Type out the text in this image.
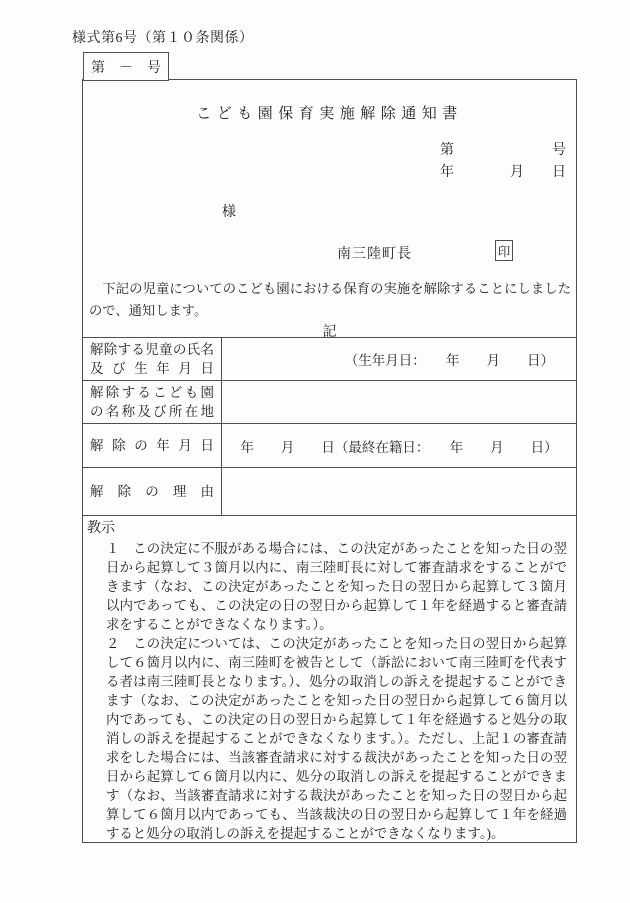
様式第6号（第１０条関係）
第　－　号
こども園保育実施解除通知書
第　　　　　　　号
年　　　　月　　日
様
南三陸町長	印
　下記の児童についてのこども園における保育の実施を解除することにしましたので、通知します。
記
解除する児童の氏名
及び生年月日
（生年月日：　　年　　月　　日）
解除するこども園
の名称及び所在地
解除の年月日 年　　月　　日（最終在籍日：　　年　　月　　日）
解除の理由
教示
１　この決定に不服がある場合には、この決定があったことを知った日の翌日から起算して３箇月以内に、南三陸町長に対して審査請求をすることができます（なお、この決定があったことを知った日の翌日から起算して３箇月以内であっても、この決定の日の翌日から起算して１年を経過すると審査請求をすることができなくなります。）。
２　この決定については、この決定があったことを知った日の翌日から起算して６箇月以内に、南三陸町を被告として（訴訟において南三陸町を代表する者は南三陸町長となります。）、処分の取消しの訴えを提起することができます（なお、この決定があったことを知った日の翌日から起算して６箇月以内であっても、この決定の日の翌日から起算して１年を経過すると処分の取消しの訴えを提起することができなくなります。）。ただし、上記１の審査請求をした場合には、当該審査請求に対する裁決があったことを知った日の翌日から起算して６箇月以内に、処分の取消しの訴えを提起することができます（なお、当該審査請求に対する裁決があったことを知った日の翌日から起算して６箇月以内であっても、当該裁決の日の翌日から起算して１年を経過すると処分の取消しの訴えを提起することができなくなります。)。
